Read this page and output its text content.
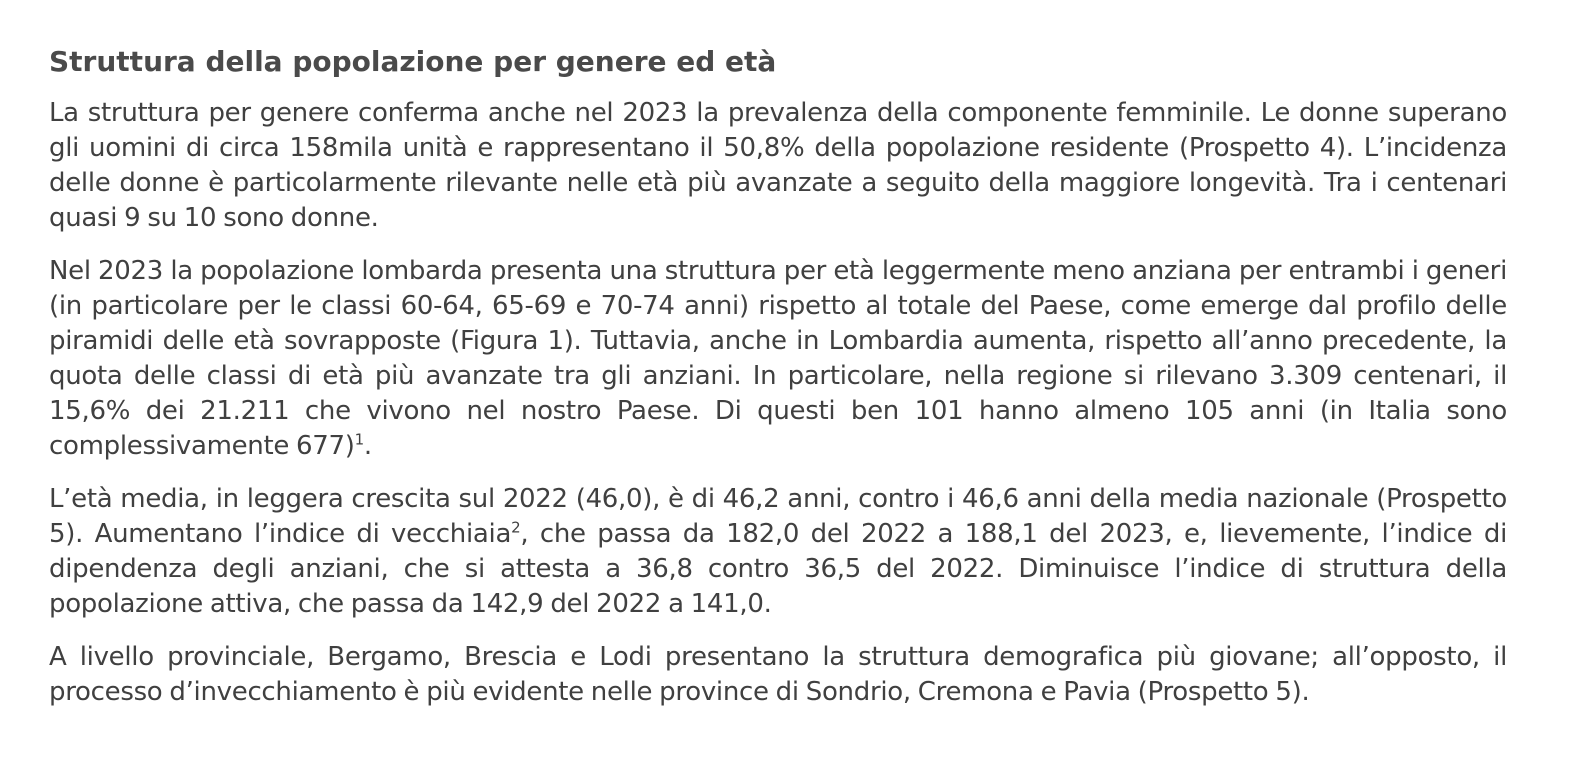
Struttura della popolazione per genere ed età

La struttura per genere conferma anche nel 2023 la prevalenza della componente femminile. Le donne superano gli uomini di circa 158mila unità e rappresentano il 50,8% della popolazione residente (Prospetto 4). L’incidenza delle donne è particolarmente rilevante nelle età più avanzate a seguito della maggiore longevità. Tra i centenari quasi 9 su 10 sono donne.

Nel 2023 la popolazione lombarda presenta una struttura per età leggermente meno anziana per entrambi i generi (in particolare per le classi 60-64, 65-69 e 70-74 anni) rispetto al totale del Paese, come emerge dal profilo delle piramidi delle età sovrapposte (Figura 1). Tuttavia, anche in Lombardia aumenta, rispetto all’anno precedente, la quota delle classi di età più avanzate tra gli anziani. In particolare, nella regione si rilevano 3.309 centenari, il 15,6% dei 21.211 che vivono nel nostro Paese. Di questi ben 101 hanno almeno 105 anni (in Italia sono complessivamente 677)$^1$.

L’età media, in leggera crescita sul 2022 (46,0), è di 46,2 anni, contro i 46,6 anni della media nazionale (Prospetto 5). Aumentano l’indice di vecchiaia$^2$, che passa da 182,0 del 2022 a 188,1 del 2023, e, lievemente, l’indice di dipendenza degli anziani, che si attesta a 36,8 contro 36,5 del 2022. Diminuisce l’indice di struttura della popolazione attiva, che passa da 142,9 del 2022 a 141,0.

A livello provinciale, Bergamo, Brescia e Lodi presentano la struttura demografica più giovane; all’opposto, il processo d’invecchiamento è più evidente nelle province di Sondrio, Cremona e Pavia (Prospetto 5).
